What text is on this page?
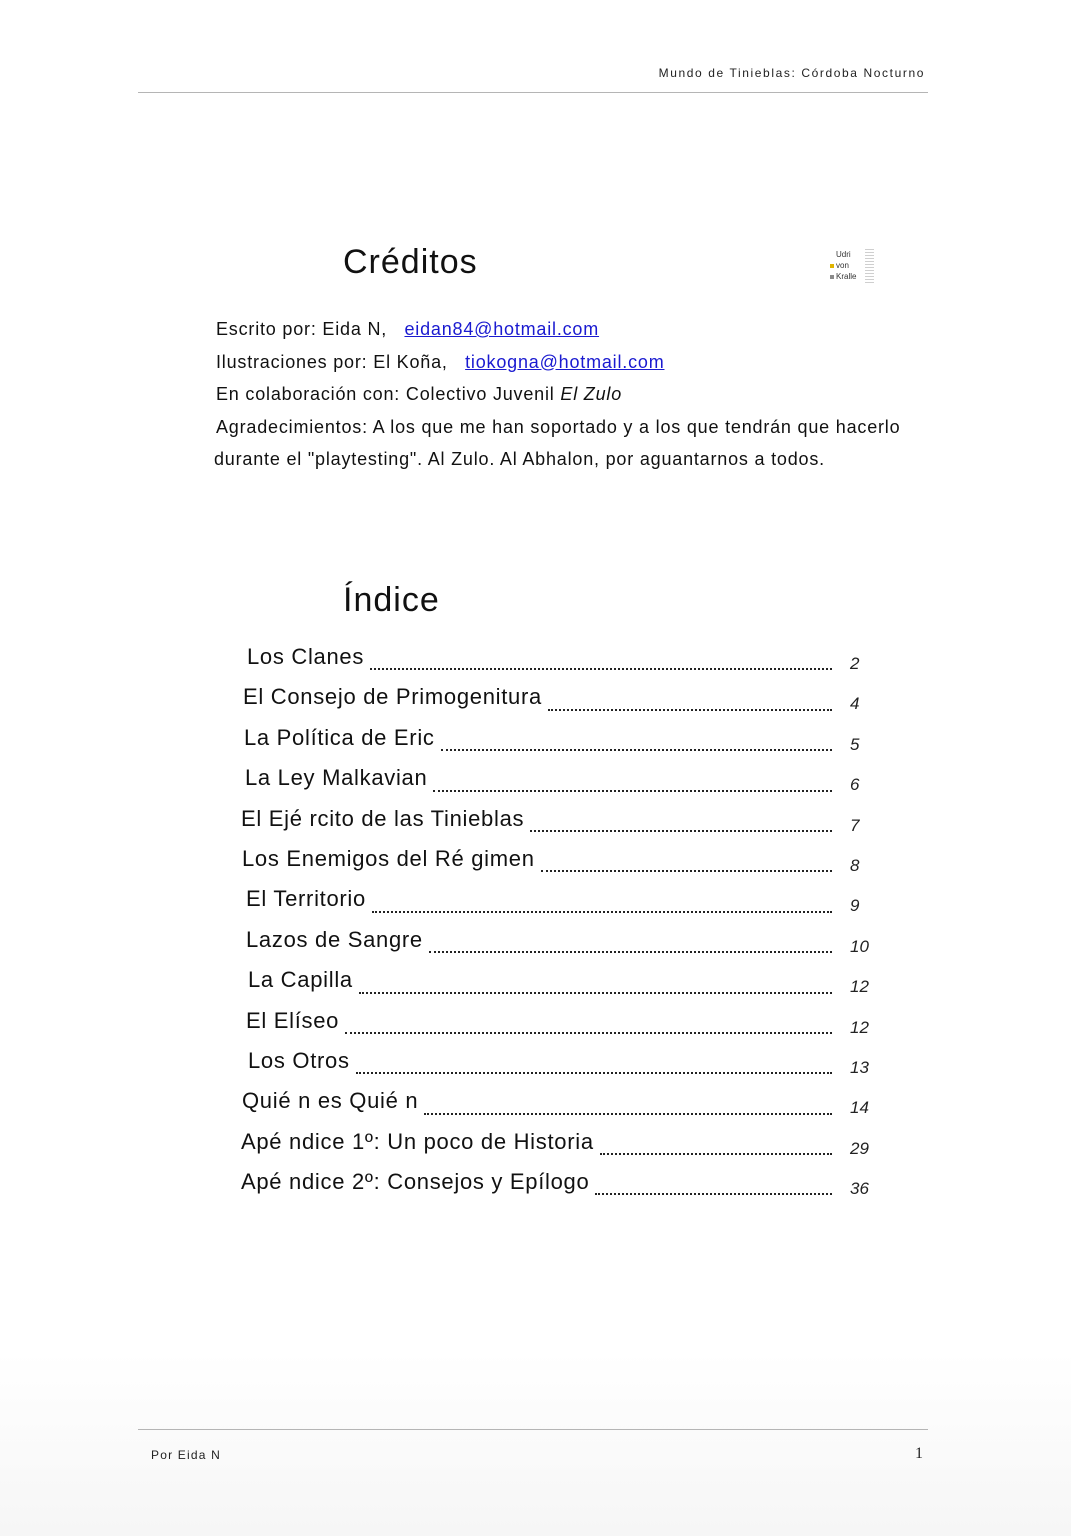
Mundo de Tinieblas: Córdoba Nocturno
Créditos	Udri
von
Kralle
Escrito por: Eida N, eidan84@hotmail.com
Ilustraciones por: El Koña, tiokogna@hotmail.com
En colaboración con: Colectivo Juvenil El Zulo
Agradecimientos: A los que me han soportado y a los que tendrán que hacerlo
durante el "playtesting". Al Zulo. Al Abhalon, por aguantarnos a todos.
Índice
Los Clanes	2
El Consejo de Primogenitura	4
La Política de Eric	5
La Ley Malkavian	6
El Ejé rcito de las Tinieblas	7
Los Enemigos del Ré gimen	8
El Territorio	9
Lazos de Sangre	10
La Capilla	12
El Elíseo	12
Los Otros	13
Quié n es Quié n	14
Apé ndice 1º: Un poco de Historia	29
Apé ndice 2º: Consejos y Epílogo	36
Por Eida N	1
